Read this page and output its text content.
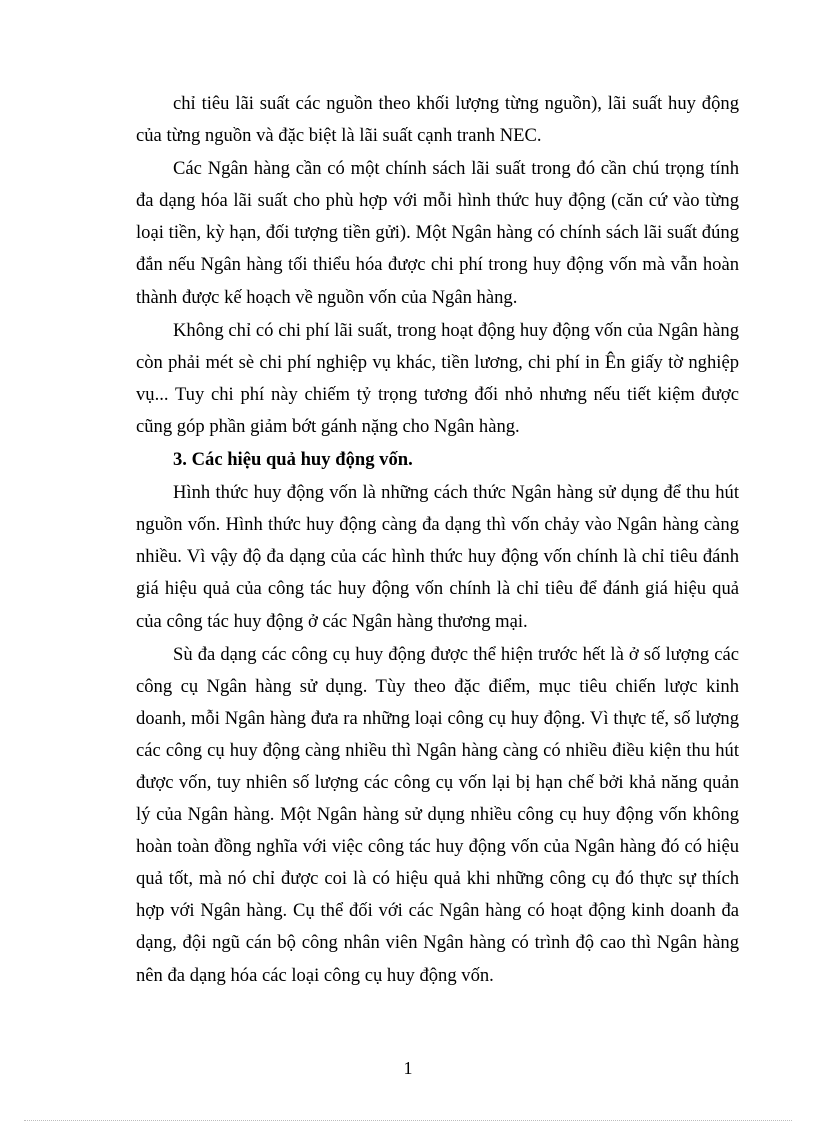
chỉ tiêu lãi suất các nguồn theo khối lượng từng nguồn), lãi suất huy động của từng nguồn và đặc biệt là lãi suất cạnh tranh NEC.

Các Ngân hàng cần có một chính sách lãi suất trong đó cần chú trọng tính đa dạng hóa lãi suất cho phù hợp với mỗi hình thức huy động (căn cứ vào từng loại tiền, kỳ hạn, đối tượng tiền gửi). Một Ngân hàng có chính sách lãi suất đúng đắn nếu Ngân hàng tối thiểu hóa được chi phí trong huy động vốn mà vẫn hoàn thành được kế hoạch về nguồn vốn của Ngân hàng.

Không chỉ có chi phí lãi suất, trong hoạt động huy động vốn của Ngân hàng còn phải mét sè chi phí nghiệp vụ khác, tiền lương, chi phí in Ên giấy tờ nghiệp vụ... Tuy chi phí này chiếm tỷ trọng tương đối nhỏ nhưng nếu tiết kiệm được cũng góp phần giảm bớt gánh nặng cho Ngân hàng.

3. Các hiệu quả huy động vốn.

Hình thức huy động vốn là những cách thức Ngân hàng sử dụng để thu hút nguồn vốn. Hình thức huy động càng đa dạng thì vốn chảy vào Ngân hàng càng nhiều. Vì vậy độ đa dạng của các hình thức huy động vốn chính là chỉ tiêu đánh giá hiệu quả của công tác huy động vốn chính là chỉ tiêu để đánh giá hiệu quả của công tác huy động ở các Ngân hàng thương mại.

Sù đa dạng các công cụ huy động được thể hiện trước hết là ở số lượng các công cụ Ngân hàng sử dụng. Tùy theo đặc điểm, mục tiêu chiến lược kinh doanh, mỗi Ngân hàng đưa ra những loại công cụ huy động. Vì thực tế, số lượng các công cụ huy động càng nhiều thì Ngân hàng càng có nhiều điều kiện thu hút được vốn, tuy nhiên số lượng các công cụ vốn lại bị hạn chế bởi khả năng quản lý của Ngân hàng. Một Ngân hàng sử dụng nhiều công cụ huy động vốn không hoàn toàn đồng nghĩa với việc công tác huy động vốn của Ngân hàng đó có hiệu quả tốt, mà nó chỉ được coi là có hiệu quả khi những công cụ đó thực sự thích hợp với Ngân hàng. Cụ thể đối với các Ngân hàng có hoạt động kinh doanh đa dạng, đội ngũ cán bộ công nhân viên Ngân hàng có trình độ cao thì Ngân hàng nên đa dạng hóa các loại công cụ huy động vốn.

1
